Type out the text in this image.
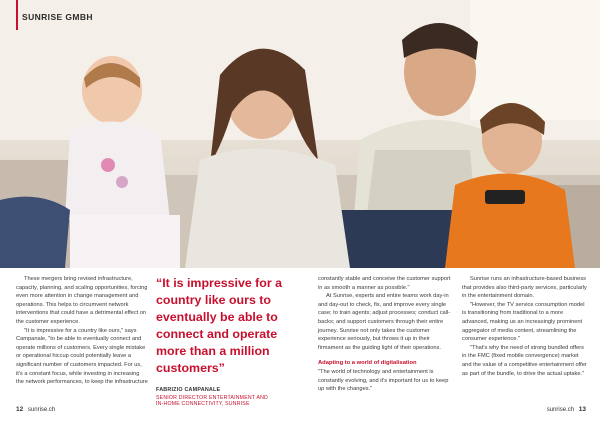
SUNRISE GMBH

These mergers bring revised infrastructure, capacity, planning, and scaling opportunities, forcing even more attention in change management and operations. This helps to circumvent network interventions that could have a detrimental effect on the customer experience.

"It is impressive for a country like ours," says Campanale, "to be able to eventually connect and operate millions of customers. Every single mistake or operational hiccup could potentially leave a significant number of customers impacted. For us, it's a constant focus, while investing in increasing the network performances, to keep the infrastructure

“It is impressive for a country like ours to eventually be able to connect and operate more than a million customers”
FABRIZIO CAMPANALE
SENIOR DIRECTOR ENTERTAINMENT AND IN-HOME CONNECTIVITY, SUNRISE

constantly stable and conceive the customer support in as smooth a manner as possible."

At Sunrise, experts and entire teams work day-in and day-out to check, fix, and improve every single case; to train agents; adjust processes; conduct call-backs; and support customers through their entire journey. Sunrise not only takes the customer experience seriously, but throws it up in their firmament as the guiding light of their operations.

Adapting to a world of digitalisation

"The world of technology and entertainment is constantly evolving, and it's important for us to keep up with the changes."

Sunrise runs an infrastructure-based business that provides also third-party services, particularly in the entertainment domain.

"However, the TV service consumption model is transitioning from traditional to a more advanced, making us an increasingly prominent aggregator of media content, streamlining the consumer experience."

"That's why the need of strong bundled offers in the FMC (fixed mobile convergence) market and the value of a competitive entertainment offer as part of the bundle, to drive the actual uptake."

12 sunrise.ch	sunrise.ch 13
